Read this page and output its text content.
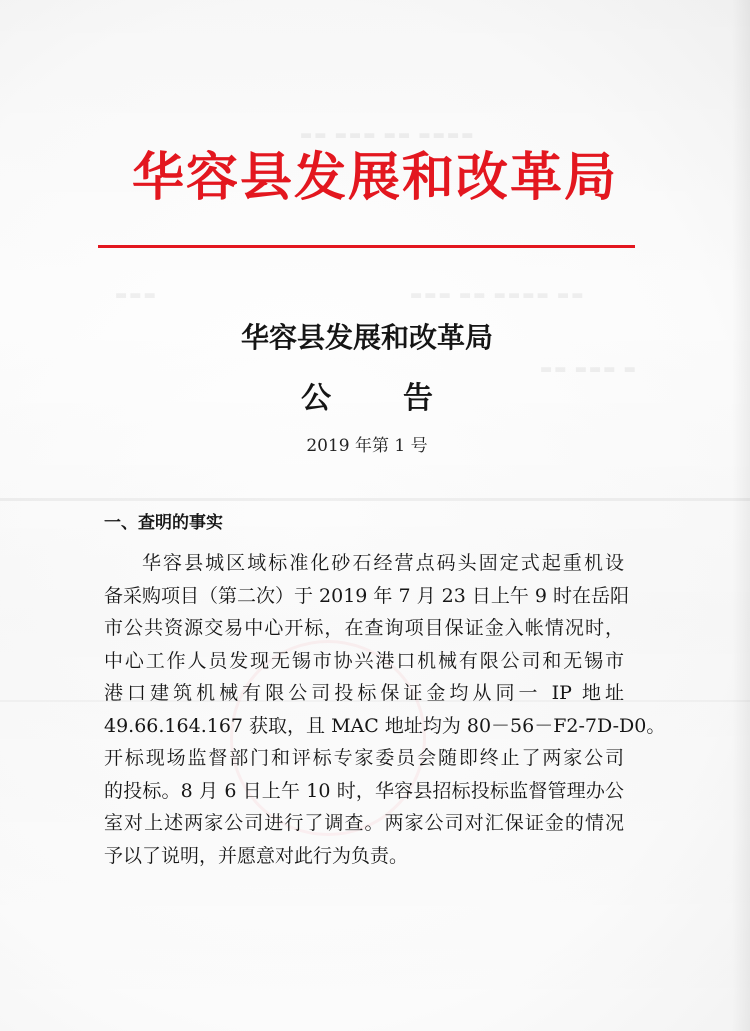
▬▬ ▬▬▬ ▬▬ ▬▬▬▬
▬▬▬ ▬▬ ▬▬▬▬ ▬▬
▬▬▬
▬▬ ▬▬▬ ▬
华容县发展和改革局
华容县发展和改革局
公告

2019 年第 1 号

一、查明的事实
华容县城区域标准化砂石经营点码头固定式起重机设
备采购项目（第二次）于 2019 年 7 月 23 日上午 9 时在岳阳
市公共资源交易中心开标，在查询项目保证金入帐情况时，
中心工作人员发现无锡市协兴港口机械有限公司和无锡市
港口建筑机械有限公司投标保证金均从同一 IP 地址
49.66.164.167 获取，且 MAC 地址均为 80－56－F2-7D-D0。
开标现场监督部门和评标专家委员会随即终止了两家公司
的投标。8 月 6 日上午 10 时，华容县招标投标监督管理办公
室对上述两家公司进行了调查。两家公司对汇保证金的情况
予以了说明，并愿意对此行为负责。
